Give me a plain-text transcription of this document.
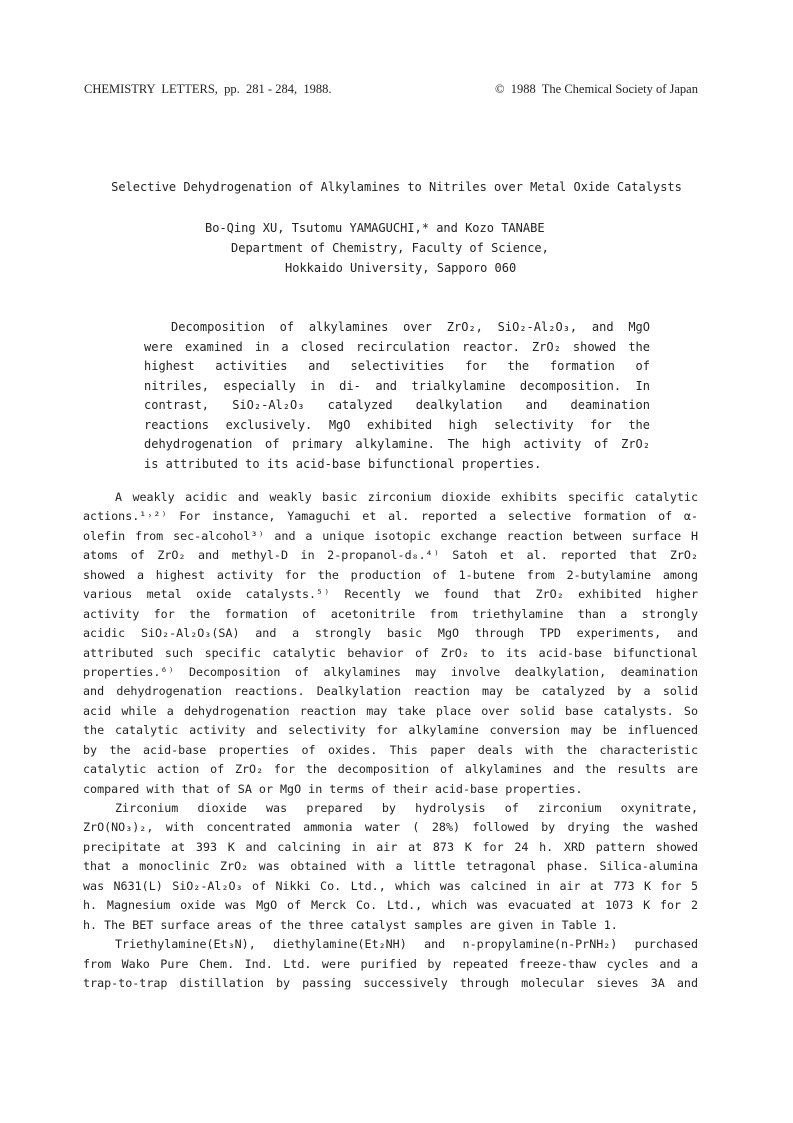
CHEMISTRY  LETTERS,  pp.  281 - 284,  1988.	©  1988  The Chemical Society of Japan
Selective Dehydrogenation of Alkylamines to Nitriles over Metal Oxide Catalysts
Bo-Qing XU, Tsutomu YAMAGUCHI,* and Kozo TANABE
Department of Chemistry, Faculty of Science,
Hokkaido University, Sapporo 060
Decomposition of alkylamines over ZrO₂, SiO₂-Al₂O₃, and MgO
were examined in a closed recirculation reactor. ZrO₂ showed the
highest activities and selectivities for the formation of
nitriles, especially in di- and trialkylamine decomposition. In
contrast, SiO₂-Al₂O₃ catalyzed dealkylation and deamination
reactions exclusively. MgO exhibited high selectivity for the
dehydrogenation of primary alkylamine. The high activity of ZrO₂
is attributed to its acid-base bifunctional properties.
A weakly acidic and weakly basic zirconium dioxide exhibits specific catalytic
actions.¹˒²⁾ For instance, Yamaguchi et al. reported a selective formation of α-
olefin from sec-alcohol³⁾ and a unique isotopic exchange reaction between surface H
atoms of ZrO₂ and methyl-D in 2-propanol-d₈.⁴⁾ Satoh et al. reported that ZrO₂
showed a highest activity for the production of 1-butene from 2-butylamine among
various metal oxide catalysts.⁵⁾ Recently we found that ZrO₂ exhibited higher
activity for the formation of acetonitrile from triethylamine than a strongly
acidic SiO₂-Al₂O₃(SA) and a strongly basic MgO through TPD experiments, and
attributed such specific catalytic behavior of ZrO₂ to its acid-base bifunctional
properties.⁶⁾ Decomposition of alkylamines may involve dealkylation, deamination
and dehydrogenation reactions. Dealkylation reaction may be catalyzed by a solid
acid while a dehydrogenation reaction may take place over solid base catalysts. So
the catalytic activity and selectivity for alkylamine conversion may be influenced
by the acid-base properties of oxides. This paper deals with the characteristic
catalytic action of ZrO₂ for the decomposition of alkylamines and the results are
compared with that of SA or MgO in terms of their acid-base properties.
Zirconium dioxide was prepared by hydrolysis of zirconium oxynitrate,
ZrO(NO₃)₂, with concentrated ammonia water ( 28%) followed by drying the washed
precipitate at 393 K and calcining in air at 873 K for 24 h. XRD pattern showed
that a monoclinic ZrO₂ was obtained with a little tetragonal phase. Silica-alumina
was N631(L) SiO₂-Al₂O₃ of Nikki Co. Ltd., which was calcined in air at 773 K for 5
h. Magnesium oxide was MgO of Merck Co. Ltd., which was evacuated at 1073 K for 2
h. The BET surface areas of the three catalyst samples are given in Table 1.
Triethylamine(Et₃N), diethylamine(Et₂NH) and n-propylamine(n-PrNH₂) purchased
from Wako Pure Chem. Ind. Ltd. were purified by repeated freeze-thaw cycles and a
trap-to-trap distillation by passing successively through molecular sieves 3A and
